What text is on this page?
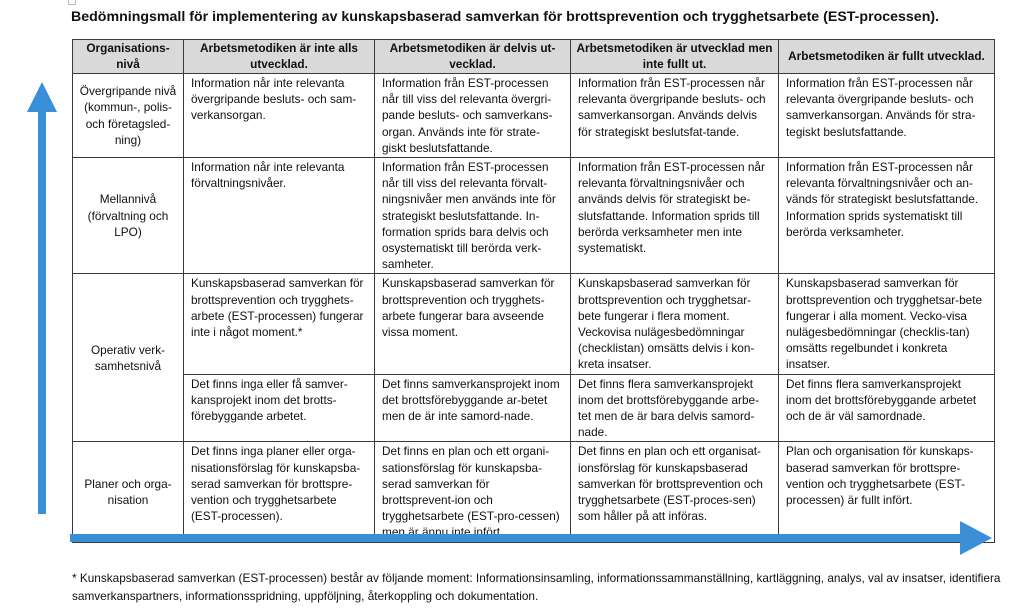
Bedömningsmall för implementering av kunskapsbaserad samverkan för brottsprevention och trygghetsarbete (EST-processen).
Organisations-nivå	Arbetsmetodiken är inte alls utvecklad.	Arbetsmetodiken är delvis ut-vecklad.	Arbetsmetodiken är utvecklad men inte fullt ut.	Arbetsmetodiken är fullt utvecklad.
Övergripande nivå (kommun-, polis- och företagsled-ning)	Information når inte relevanta övergripande besluts- och sam-verkansorgan.	Information från EST-processen når till viss del relevanta övergri-pande besluts- och samverkans-organ. Används inte för strate-giskt beslutsfattande.	Information från EST-processen når relevanta övergripande besluts- och samverkansorgan. Används delvis för strategiskt beslutsfat-tande.	Information från EST-processen når relevanta övergripande besluts- och samverkansorgan. Används för stra-tegiskt beslutsfattande.
Mellannivå (förvaltning och LPO)	Information når inte relevanta förvaltningsnivåer.	Information från EST-processen når till viss del relevanta förvalt-ningsnivåer men används inte för strategiskt beslutsfattande. In-formation sprids bara delvis och osystematiskt till berörda verk-samheter.	Information från EST-processen når relevanta förvaltningsnivåer och används delvis för strategiskt be-slutsfattande. Information sprids till berörda verksamheter men inte systematiskt.	Information från EST-processen når relevanta förvaltningsnivåer och an-vänds för strategiskt beslutsfattande. Information sprids systematiskt till berörda verksamheter.
Operativ verk-samhetsnivå	Kunskapsbaserad samverkan för brottsprevention och trygghets-arbete (EST-processen) fungerar inte i något moment.*	Kunskapsbaserad samverkan för brottsprevention och trygghets-arbete fungerar bara avseende vissa moment.	Kunskapsbaserad samverkan för brottsprevention och trygghetsar-bete fungerar i flera moment. Veckovisa nulägesbedömningar (checklistan) omsätts delvis i kon-kreta insatser.	Kunskapsbaserad samverkan för brottsprevention och trygghetsar-bete fungerar i alla moment. Vecko-visa nulägesbedömningar (checklis-tan) omsätts regelbundet i konkreta insatser.
	Det finns inga eller få samver-kansprojekt inom det brotts-förebyggande arbetet.	Det finns samverkansprojekt inom det brottsförebyggande ar-betet men de är inte samord-nade.	Det finns flera samverkansprojekt inom det brottsförebyggande arbe-tet men de är bara delvis samord-nade.	Det finns flera samverkansprojekt inom det brottsförebyggande arbetet och de är väl samordnade.
Planer och orga-nisation	Det finns inga planer eller orga-nisationsförslag för kunskapsba-serad samverkan för brottspre-vention och trygghetsarbete (EST-processen).	Det finns en plan och ett organi-sationsförslag för kunskapsba-serad samverkan för brottsprevent-ion och trygghetsarbete (EST-pro-cessen) men är ännu inte infört.	Det finns en plan och ett organisat-ionsförslag för kunskapsbaserad samverkan för brottsprevention och trygghetsarbete (EST-proces-sen) som håller på att införas.	Plan och organisation för kunskaps-baserad samverkan för brottspre-vention och trygghetsarbete (EST-processen) är fullt infört.
* Kunskapsbaserad samverkan (EST-processen) består av följande moment: Informationsinsamling, informationssammanställning, kartläggning, analys, val av insatser, identifiera samverkanspartners, informationsspridning, uppföljning, återkoppling och dokumentation.
